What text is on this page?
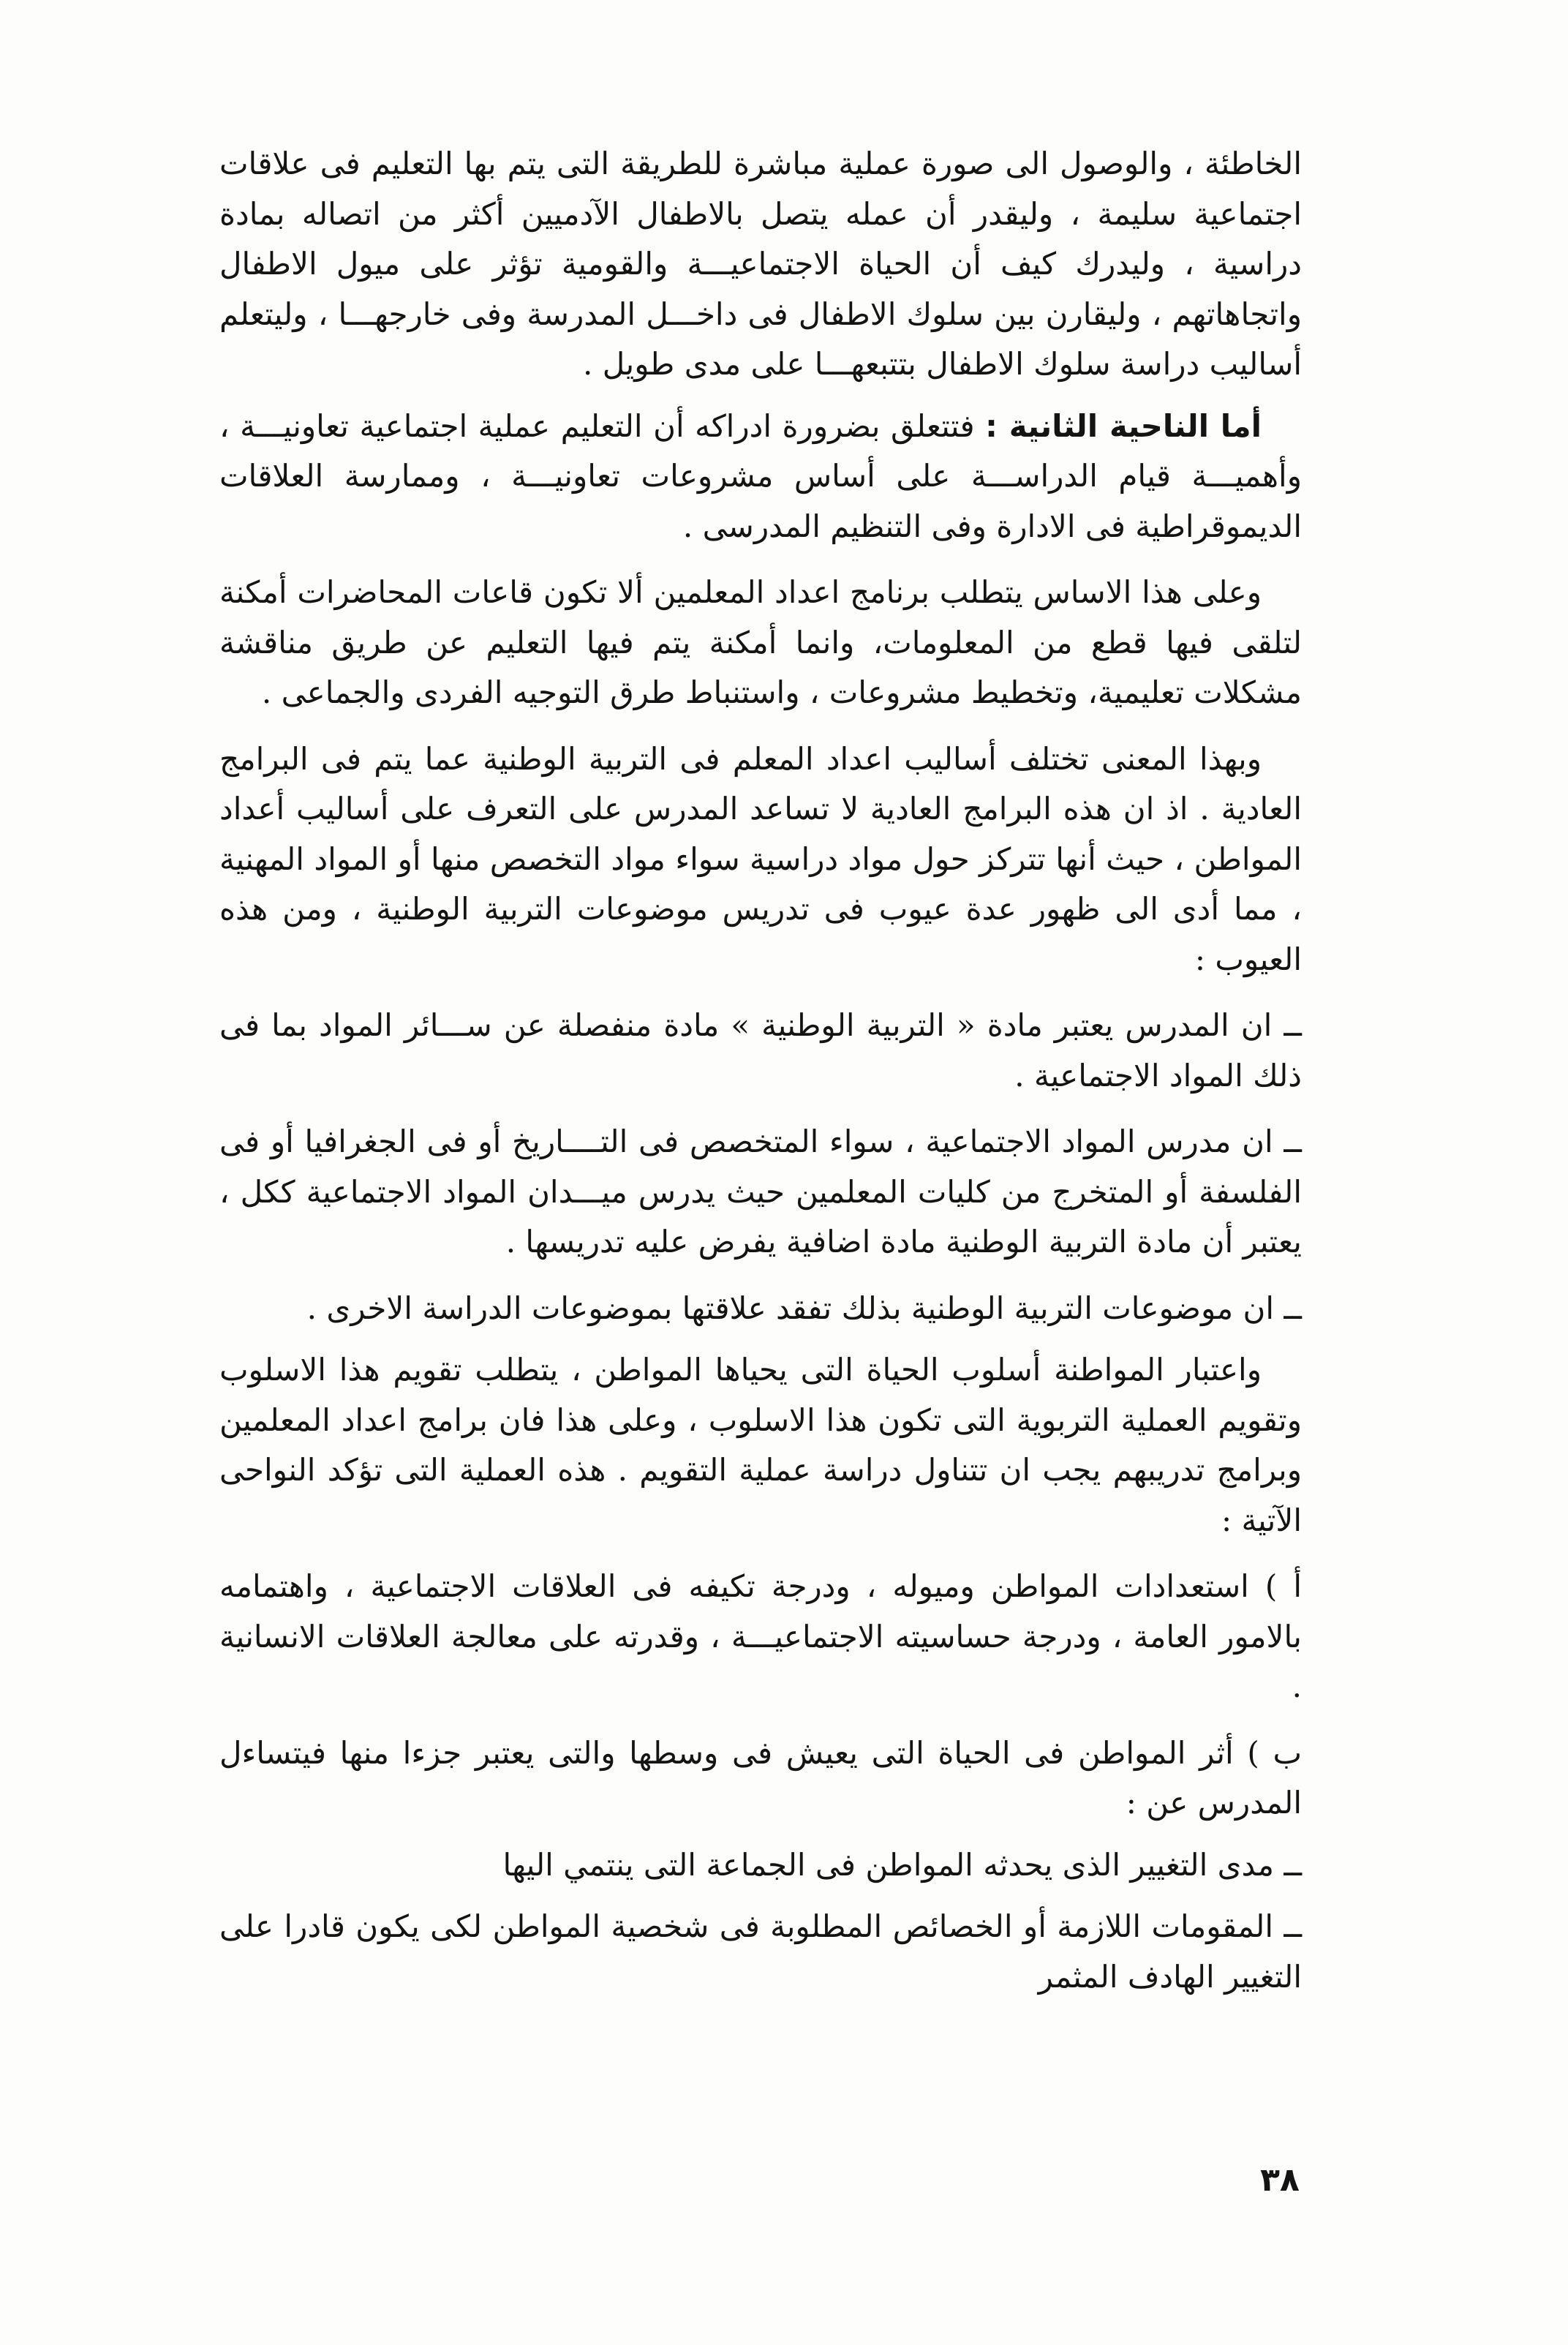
الخاطئة ، والوصول الى صورة عملية مباشرة للطريقة التى يتم بها التعليم فى علاقات اجتماعية سليمة ، وليقدر أن عمله يتصل بالاطفال الآدميين أكثر من اتصاله بمادة دراسية ، وليدرك كيف أن الحياة الاجتماعيـــة والقومية تؤثر على ميول الاطفال واتجاهاتهم ، وليقارن بين سلوك الاطفال فى داخـــل المدرسة وفى خارجهـــا ، وليتعلم أساليب دراسة سلوك الاطفال بتتبعهـــا على مدى طويل .

أما الناحية الثانية : فتتعلق بضرورة ادراكه أن التعليم عملية اجتماعية تعاونيـــة ، وأهميـــة قيام الدراســـة على أساس مشروعات تعاونيـــة ، وممارسة العلاقات الديموقراطية فى الادارة وفى التنظيم المدرسى .

وعلى هذا الاساس يتطلب برنامج اعداد المعلمين ألا تكون قاعات المحاضرات أمكنة لتلقى فيها قطع من المعلومات، وانما أمكنة يتم فيها التعليم عن طريق مناقشة مشكلات تعليمية، وتخطيط مشروعات ، واستنباط طرق التوجيه الفردى والجماعى .

وبهذا المعنى تختلف أساليب اعداد المعلم فى التربية الوطنية عما يتم فى البرامج العادية . اذ ان هذه البرامج العادية لا تساعد المدرس على التعرف على أساليب أعداد المواطن ، حيث أنها تتركز حول مواد دراسية سواء مواد التخصص منها أو المواد المهنية ، مما أدى الى ظهور عدة عيوب فى تدريس موضوعات التربية الوطنية ، ومن هذه العيوب :

ــ ان المدرس يعتبر مادة « التربية الوطنية » مادة منفصلة عن ســـائر المواد بما فى ذلك المواد الاجتماعية .

ــ ان مدرس المواد الاجتماعية ، سواء المتخصص فى التــــاريخ أو فى الجغرافيا أو فى الفلسفة أو المتخرج من كليات المعلمين حيث يدرس ميـــدان المواد الاجتماعية ككل ، يعتبر أن مادة التربية الوطنية مادة اضافية يفرض عليه تدريسها .

ــ ان موضوعات التربية الوطنية بذلك تفقد علاقتها بموضوعات الدراسة الاخرى .

واعتبار المواطنة أسلوب الحياة التى يحياها المواطن ، يتطلب تقويم هذا الاسلوب وتقويم العملية التربوية التى تكون هذا الاسلوب ، وعلى هذا فان برامج اعداد المعلمين وبرامج تدريبهم يجب ان تتناول دراسة عملية التقويم . هذه العملية التى تؤكد النواحى الآتية :

أ ) استعدادات المواطن وميوله ، ودرجة تكيفه فى العلاقات الاجتماعية ، واهتمامه بالامور العامة ، ودرجة حساسيته الاجتماعيـــة ، وقدرته على معالجة العلاقات الانسانية .

ب ) أثر المواطن فى الحياة التى يعيش فى وسطها والتى يعتبر جزءا منها فيتساءل المدرس عن :

ــ مدى التغيير الذى يحدثه المواطن فى الجماعة التى ينتمي اليها

ــ المقومات اللازمة أو الخصائص المطلوبة فى شخصية المواطن لكى يكون قادرا على التغيير الهادف المثمر

٣٨
